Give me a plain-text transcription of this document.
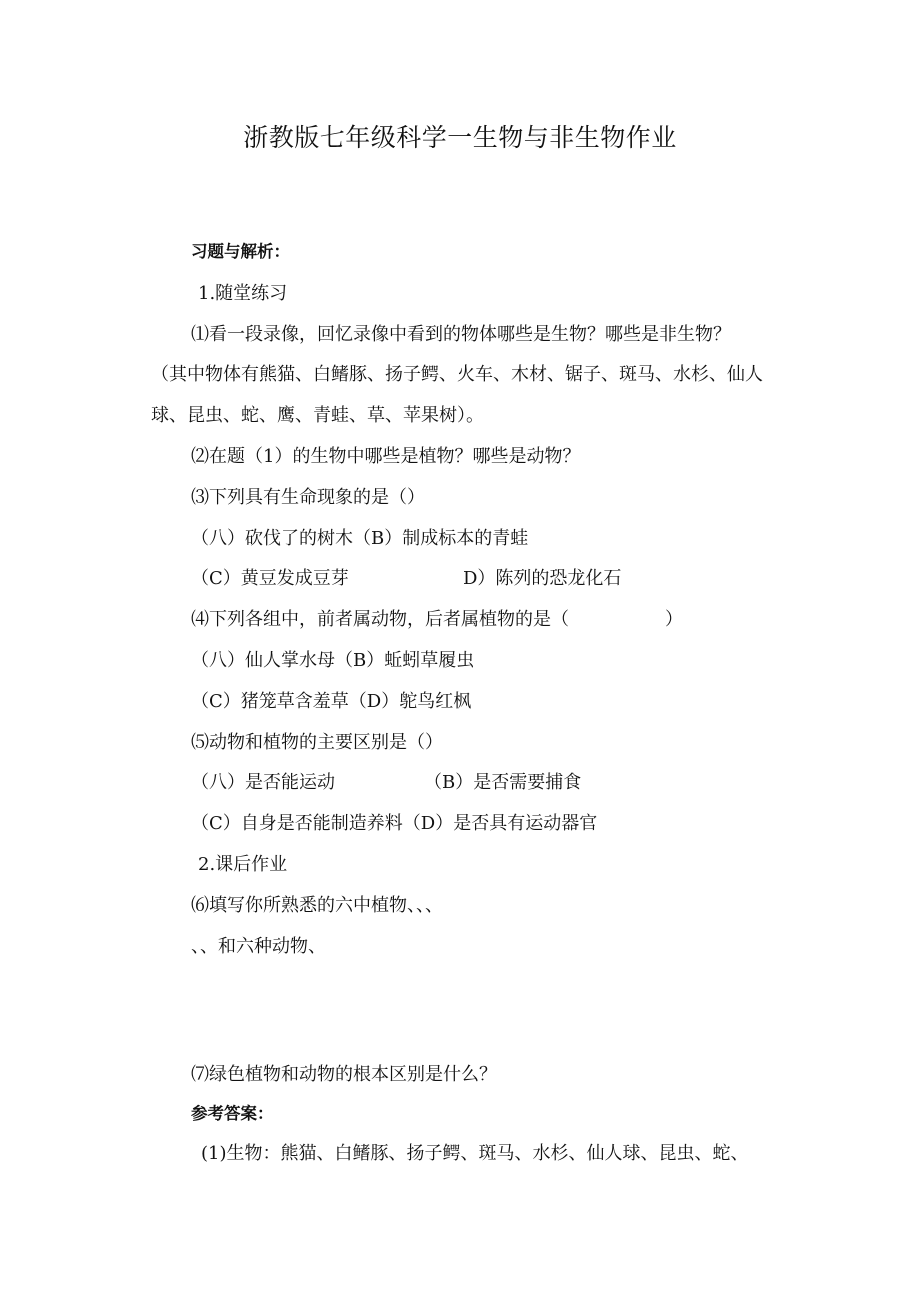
浙教版七年级科学一生物与非生物作业
习题与解析：
1.随堂练习
⑴看一段录像，回忆录像中看到的物体哪些是生物？哪些是非生物？
（其中物体有熊猫、白鳍豚、扬子鳄、火车、木材、锯子、斑马、水杉、仙人
球、昆虫、蛇、鹰、青蛙、草、苹果树）。
⑵在题（1）的生物中哪些是植物？哪些是动物？
⑶下列具有生命现象的是（）
（八）砍伐了的树木（B）制成标本的青蛙
（C）黄豆发成豆芽	D）陈列的恐龙化石
⑷下列各组中，前者属动物，后者属植物的是（	）
（八）仙人掌水母（B）蚯蚓草履虫
（C）猪笼草含羞草（D）鸵鸟红枫
⑸动物和植物的主要区别是（）
（八）是否能运动	（B）是否需要捕食
（C）自身是否能制造养料（D）是否具有运动器官
2.课后作业
⑹填写你所熟悉的六中植物、、、
、、和六种动物、
⑺绿色植物和动物的根本区别是什么？
参考答案：
(1)生物：熊猫、白鳍豚、扬子鳄、斑马、水杉、仙人球、昆虫、蛇、
